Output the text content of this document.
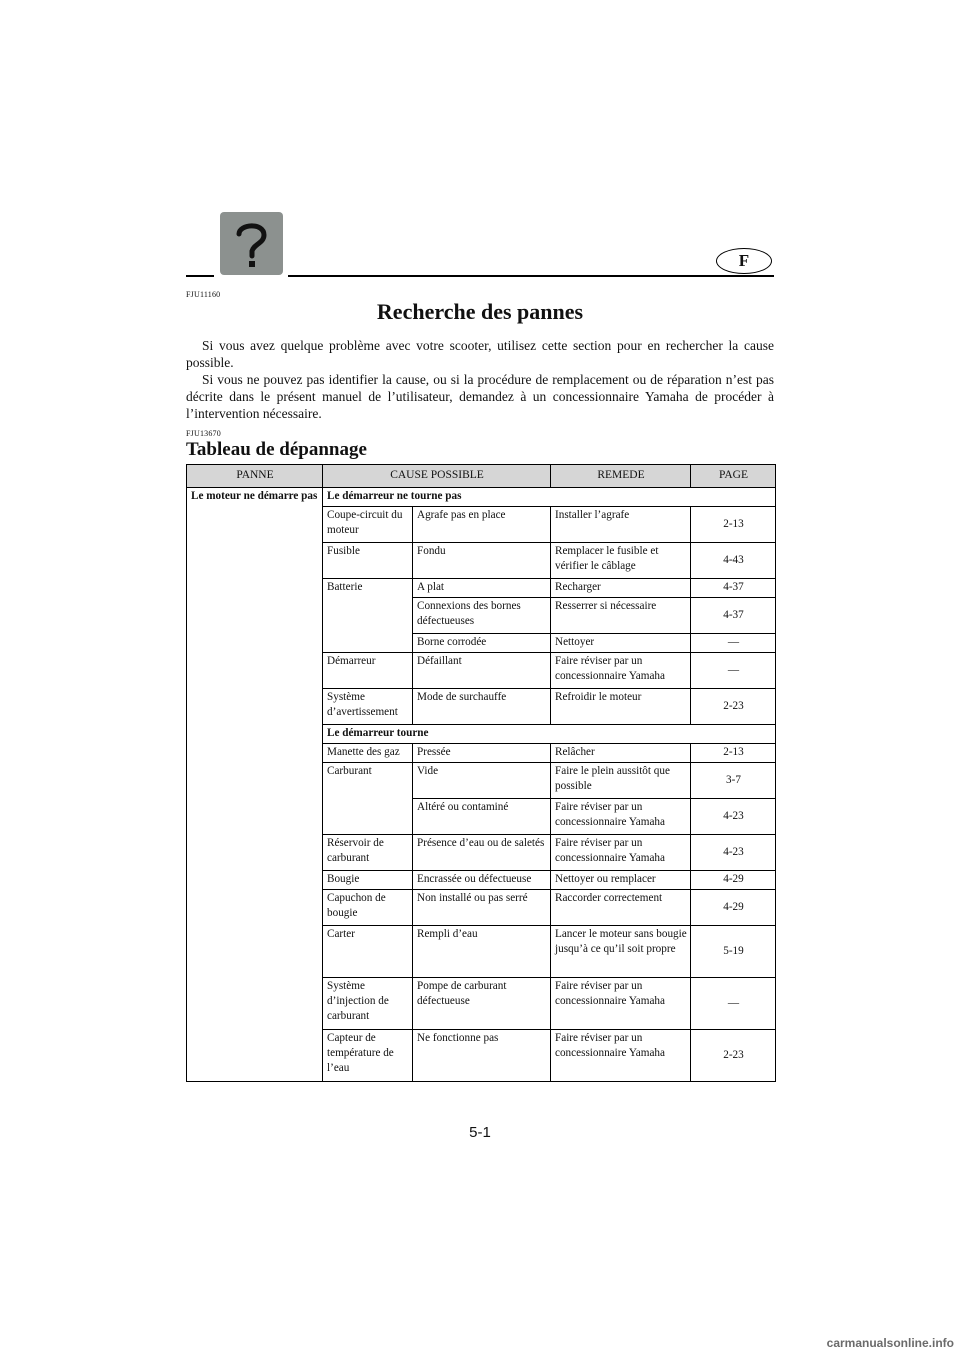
F
FJU11160
Recherche des pannes

Si vous avez quelque problème avec votre scooter, utilisez cette section pour en rechercher la cause possible.

Si vous ne pouvez pas identifier la cause, ou si la procédure de remplacement ou de réparation n’est pas décrite dans le présent manuel de l’utilisateur, demandez à un concessionnaire Yamaha de procéder à l’intervention nécessaire.

FJU13670
Tableau de dépannage
PANNE	CAUSE POSSIBLE		REMEDE	PAGE
Le moteur ne démarre pas	Le démarreur ne tourne pas			
	Coupe-circuit du moteur	Agrafe pas en place	Installer l’agrafe	2-13
	Fusible	Fondu	Remplacer le fusible et vérifier le câblage	4-43
	Batterie	A plat	Recharger	4-37
		Connexions des bornes défectueuses	Resserrer si nécessaire	4-37
		Borne corrodée	Nettoyer	—
	Démarreur	Défaillant	Faire réviser par un concessionnaire Yamaha	—
	Système d’avertissement	Mode de surchauffe	Refroidir le moteur	2-23
	Le démarreur tourne			
	Manette des gaz	Pressée	Relâcher	2-13
	Carburant	Vide	Faire le plein aussitôt que possible	3-7
		Altéré ou contaminé	Faire réviser par un concessionnaire Yamaha	4-23
	Réservoir de carburant	Présence d’eau ou de saletés	Faire réviser par un concessionnaire Yamaha	4-23
	Bougie	Encrassée ou défectueuse	Nettoyer ou remplacer	4-29
	Capuchon de bougie	Non installé ou pas serré	Raccorder correctement	4-29
	Carter	Rempli d’eau	Lancer le moteur sans bougie jusqu’à ce qu’il soit propre	5-19
	Système d’injection de carburant	Pompe de carburant défectueuse	Faire réviser par un concessionnaire Yamaha	—
	Capteur de température de l’eau	Ne fonctionne pas	Faire réviser par un concessionnaire Yamaha	2-23
5-1
carmanualsonline.info
